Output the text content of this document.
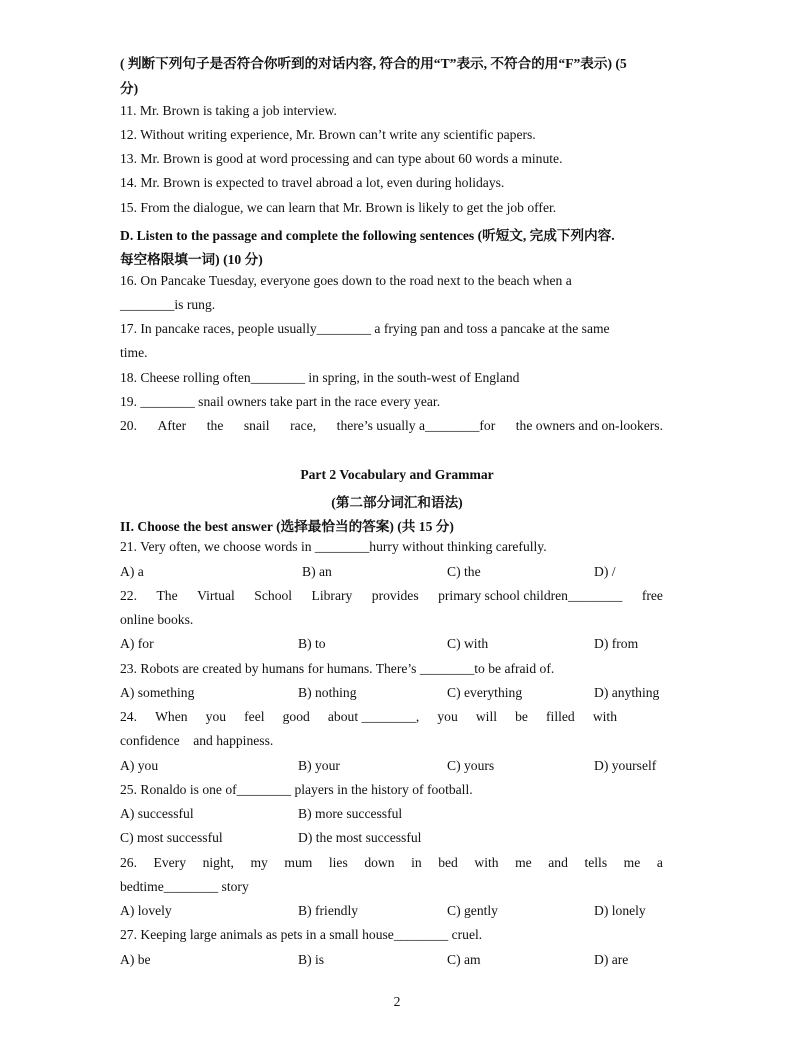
( 判断下列句子是否符合你听到的对话内容, 符合的用“T”表示, 不符合的用“F”表示) (5
分)
11. Mr. Brown is taking a job interview.
12. Without writing experience, Mr. Brown can’t write any scientific papers.
13. Mr. Brown is good at word processing and can type about 60 words a minute.
14. Mr. Brown is expected to travel abroad a lot, even during holidays.
15. From the dialogue, we can learn that Mr. Brown is likely to get the job offer.
D. Listen to the passage and complete the following sentences (听短文, 完成下列内容.
每空格限填一词) (10 分)
16. On Pancake Tuesday, everyone goes down to the road next to the beach when a
________is rung.
17. In pancake races, people usually________ a frying pan and toss a pancake at the same
time.
18. Cheese rolling often________ in spring, in the south-west of England
19. ________ snail owners take part in the race every year.
20. After the snail race, there’s usually a________for the owners and on-lookers.
Part 2 Vocabulary and Grammar
(第二部分词汇和语法)
II. Choose the best answer (选择最恰当的答案) (共 15 分)
21. Very often, we choose words in ________hurry without thinking carefully.
A) a	B) an	C) the	D) /
22. The Virtual School Library provides primary school children________ free
online books.
A) for	B) to	C) with	D) from
23. Robots are created by humans for humans. There’s ________to be afraid of.
A) something	B) nothing	C) everything	D) anything
24. When you feel good about ________, you will be filled with
confidence    and happiness.
A) you	B) your	C) yours	D) yourself
25. Ronaldo is one of________ players in the history of football.
A) successful	B) more successful
C) most successful	D) the most successful
26. Every night, my mum lies down in bed with me and tells me a
bedtime________ story
A) lovely	B) friendly	C) gently	D) lonely
27. Keeping large animals as pets in a small house________ cruel.
A) be	B) is	C) am	D) are
2
